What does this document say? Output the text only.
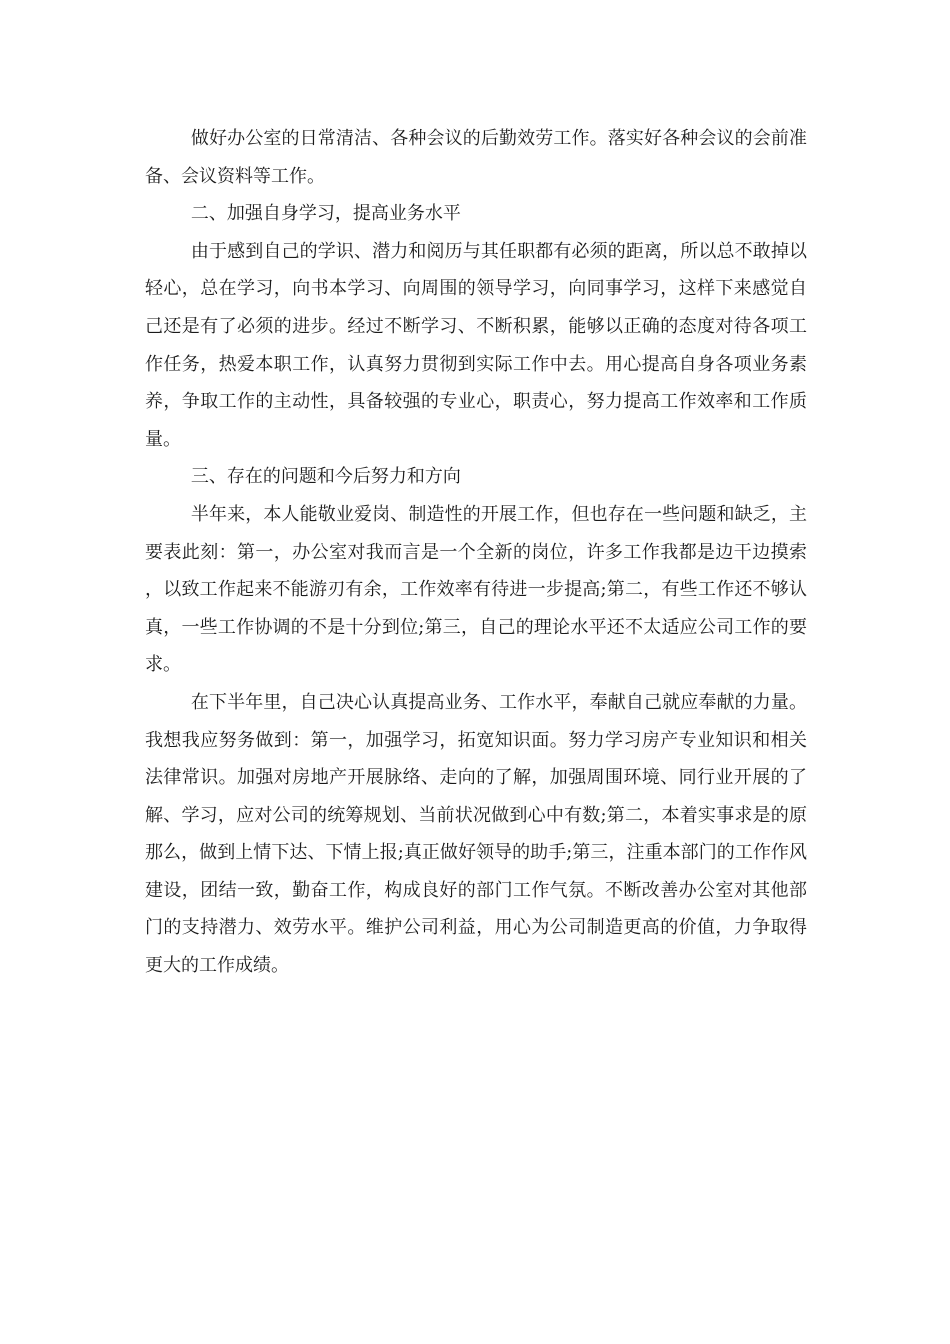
做好办公室的日常清洁、各种会议的后勤效劳工作。落实好各种会议的会前准备、会议资料等工作。

二、加强自身学习，提高业务水平

由于感到自己的学识、潜力和阅历与其任职都有必须的距离，所以总不敢掉以轻心，总在学习，向书本学习、向周围的领导学习，向同事学习，这样下来感觉自己还是有了必须的进步。经过不断学习、不断积累，能够以正确的态度对待各项工作任务，热爱本职工作，认真努力贯彻到实际工作中去。用心提高自身各项业务素养，争取工作的主动性，具备较强的专业心，职责心，努力提高工作效率和工作质量。

三、存在的问题和今后努力和方向

半年来，本人能敬业爱岗、制造性的开展工作，但也存在一些问题和缺乏，主要表此刻：第一，办公室对我而言是一个全新的岗位，许多工作我都是边干边摸索，以致工作起来不能游刃有余，工作效率有待进一步提高;第二，有些工作还不够认真，一些工作协调的不是十分到位;第三，自己的理论水平还不太适应公司工作的要求。

在下半年里，自己决心认真提高业务、工作水平，奉献自己就应奉献的力量。我想我应努务做到：第一，加强学习，拓宽知识面。努力学习房产专业知识和相关法律常识。加强对房地产开展脉络、走向的了解，加强周围环境、同行业开展的了解、学习，应对公司的统筹规划、当前状况做到心中有数;第二，本着实事求是的原那么，做到上情下达、下情上报;真正做好领导的助手;第三，注重本部门的工作作风建设，团结一致，勤奋工作，构成良好的部门工作气氛。不断改善办公室对其他部门的支持潜力、效劳水平。维护公司利益，用心为公司制造更高的价值，力争取得更大的工作成绩。
